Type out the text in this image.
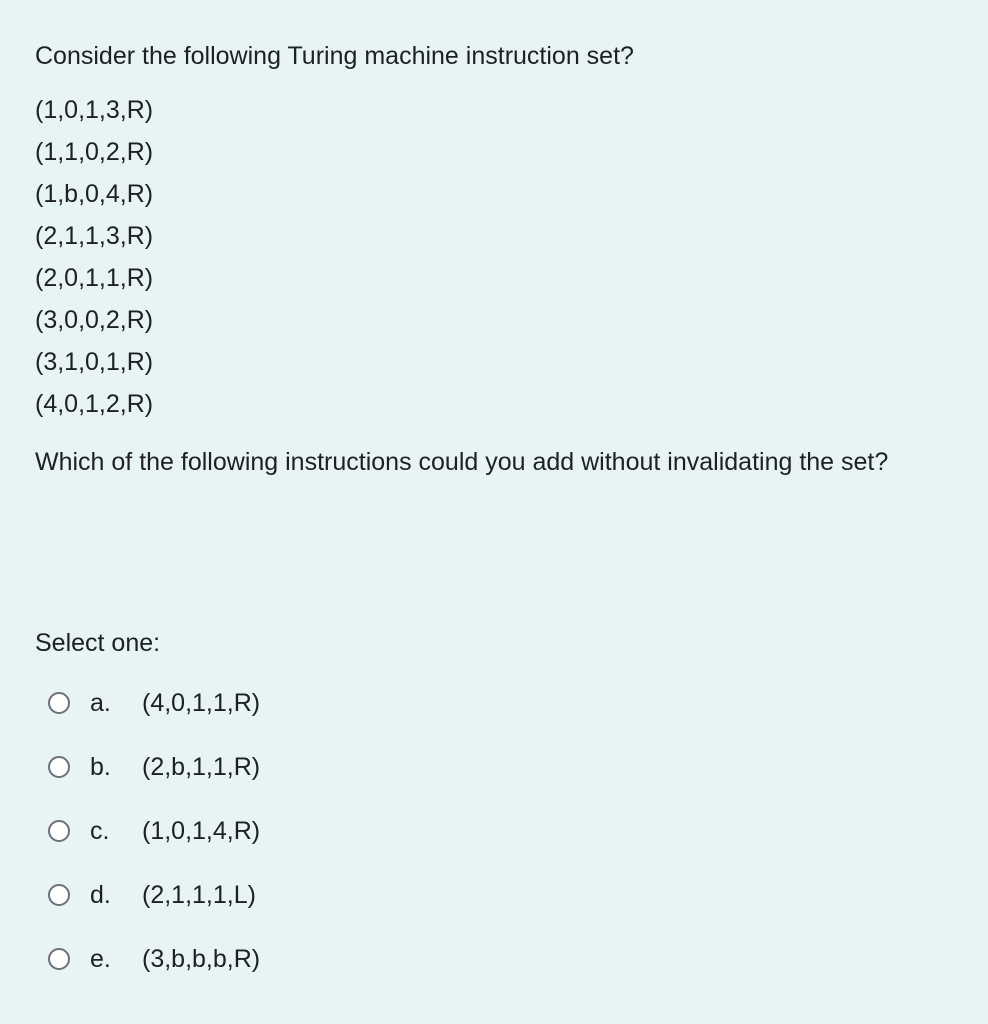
Consider the following Turing machine instruction set?
(1,0,1,3,R)
(1,1,0,2,R)
(1,b,0,4,R)
(2,1,1,3,R)
(2,0,1,1,R)
(3,0,0,2,R)
(3,1,0,1,R)
(4,0,1,2,R)
Which of the following instructions could you add without invalidating the set?
Select one:
a.	(4,0,1,1,R)
b.	(2,b,1,1,R)
c.	(1,0,1,4,R)
d.	(2,1,1,1,L)
e.	(3,b,b,b,R)
